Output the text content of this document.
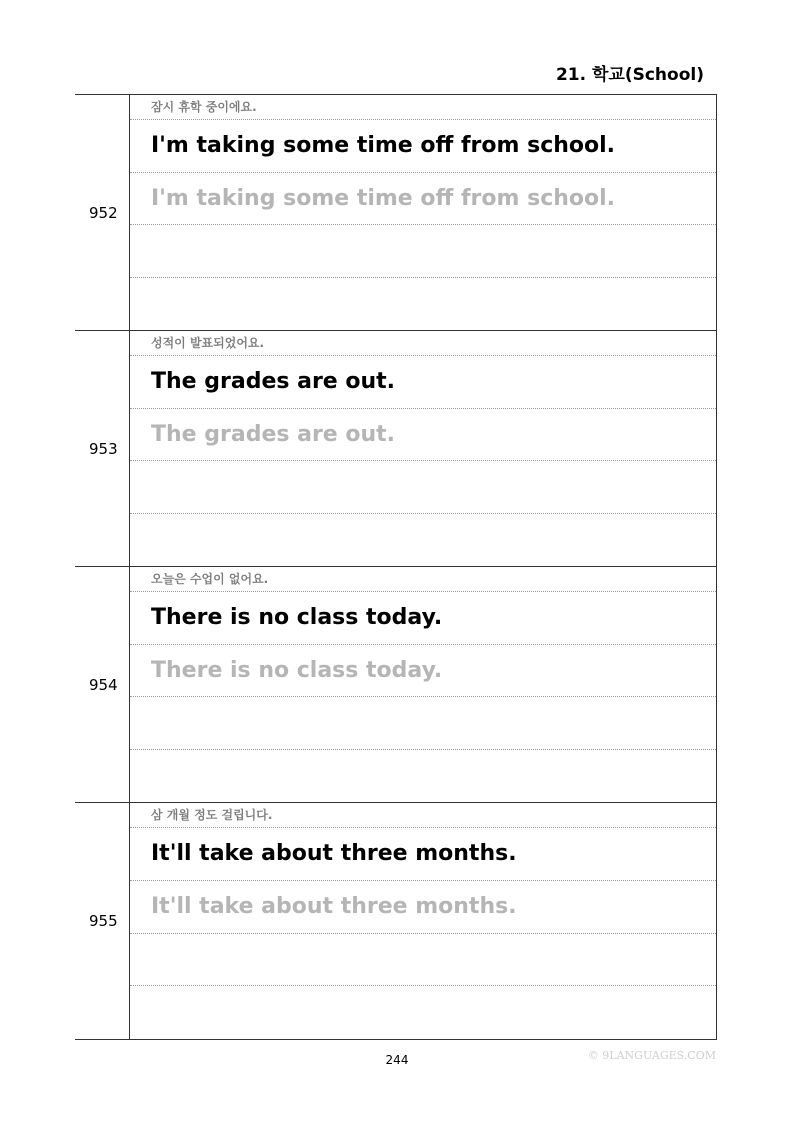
21. 학교(School)
952
잠시 휴학 중이에요.
I'm taking some time off from school.
I'm taking some time off from school.
953
성적이 발표되었어요.
The grades are out.
The grades are out.
954
오늘은 수업이 없어요.
There is no class today.
There is no class today.
955
삼 개월 정도 걸립니다.
It'll take about three months.
It'll take about three months.
244	© 9LANGUAGES.COM
